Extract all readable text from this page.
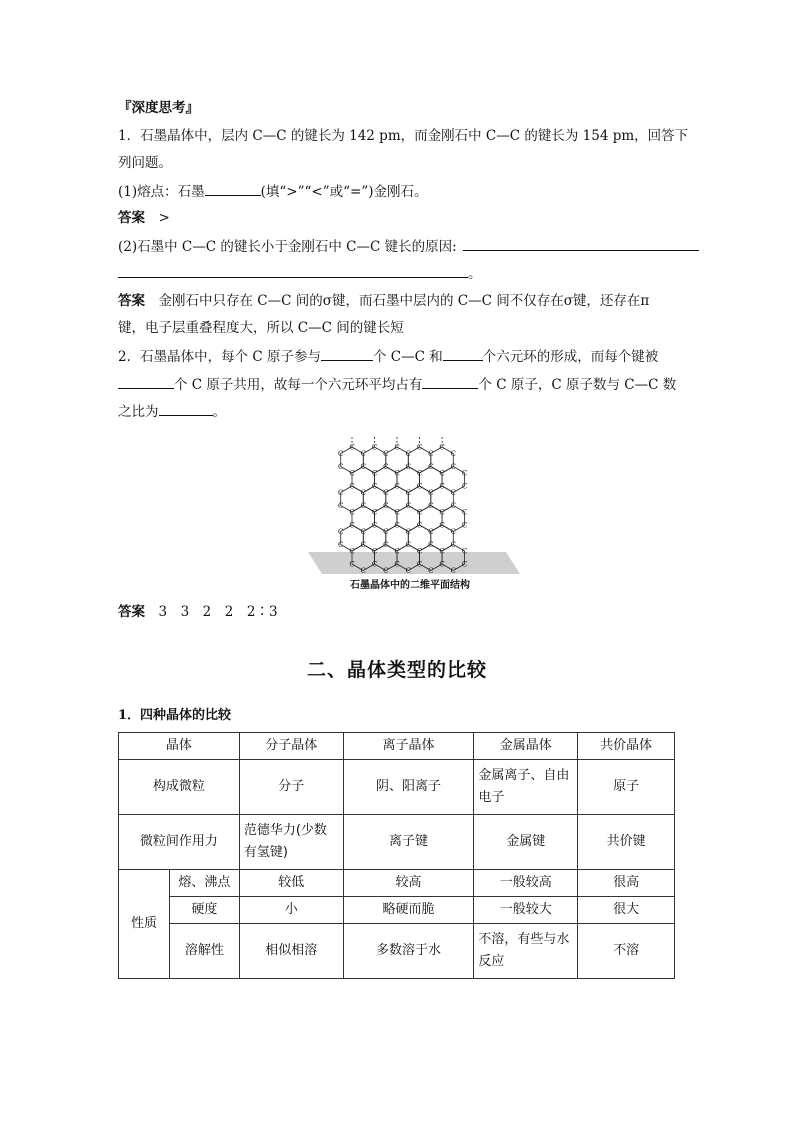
『深度思考』
1．石墨晶体中，层内 C—C 的键长为 142 pm，而金刚石中 C—C 的键长为 154 pm，回答下
列问题。
(1)熔点：石墨	(填“>”“<”或“=”)金刚石。
答案　 >
(2)石墨中 C—C 的键长小于金刚石中 C—C 键长的原因:
。
答案　 金刚石中只存在 C—C 间的σ键，而石墨中层内的 C—C 间不仅存在σ键，还存在π
键，电子层重叠程度大，所以 C—C 间的键长短
2．石墨晶体中，每个 C 原子参与	个 C—C 和	个六元环的形成，而每个键被
个 C 原子共用，故每一个六元环平均占有	个 C 原子，C 原子数与 C—C 数
之比为	。
C
C
C
C
C
C
C
C
C
C
C
C
C
C
C
C
C
C
C
C
C
C
C
C
C	C
C
C
C
C
C
C
C
C
C
C
C
C
C
C
C
C
C
C
C
C
C
C
C	C
C
C
C
C
C
C
C
C
C
C
C
C
C
C
C
C
C
C
C
C
C
C
C	C
C
C
C
C
C
C
C
C
石墨晶体中的二维平面结构
答案　 3　3　2　2　2∶3
二、晶体类型的比较
1．四种晶体的比较
晶体		分子晶体	离子晶体	金属晶体	共价晶体
构成微粒		分子	阴、阳离子	金属离子、自由电子	原子
微粒间作用力		范德华力(少数有氢键)	离子键	金属键	共价键
性质	熔、沸点	较低	较高	一般较高	很高
	硬度	小	略硬而脆	一般较大	很大
	溶解性	相似相溶	多数溶于水	不溶，有些与水反应	不溶
